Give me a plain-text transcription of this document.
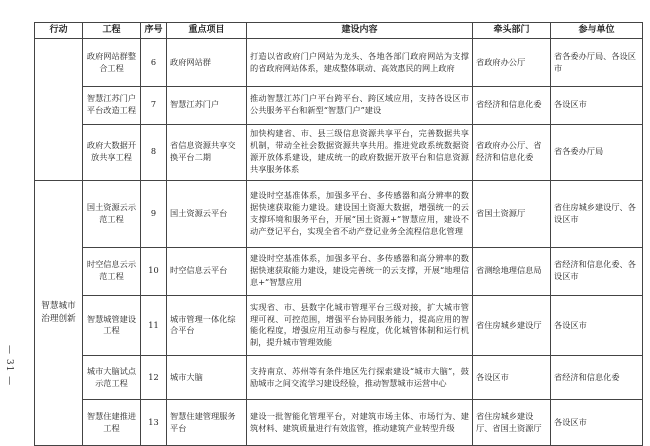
— 31 —
行动	工程	序号	重点项目	建设内容	牵头部门	参与单位
	政府网站群整合工程	6	政府网站群	打造以省政府门户网站为龙头、各地各部门政府网站为支撑的省政府网站体系，建成整体联动、高效惠民的网上政府	省政府办公厅	省各委办厅局、各设区市
	智慧江苏门户平台改造工程	7	智慧江苏门户	推动智慧江苏门户平台跨平台、跨区域应用，支持各设区市公共服务平台和新型“智慧门户”建设	省经济和信息化委	各设区市
	政府大数据开放共享工程	8	省信息资源共享交换平台二期	加快构建省、市、县三级信息资源共享平台，完善数据共享机制，带动全社会数据资源共享共用。推进党政系统数据资源开放体系建设，建成统一的政府数据开放平台和信息资源共享服务体系	省政府办公厅、省经济和信息化委	省各委办厅局
智慧城市治理创新	国土资源云示范工程	9	国土资源云平台	建设时空基准体系，加强多平台、多传感器和高分辨率的数据快速获取能力建设。建设国土资源大数据，增强统一的云支撑环境和服务平台，开展“国土资源+”智慧应用，建设不动产登记平台，实现全省不动产登记业务全流程信息化管理	省国土资源厅	省住房城乡建设厅、各设区市
	时空信息云示范工程	10	时空信息云平台	建设时空基准体系，加强多平台、多传感器和高分辨率的数据快速获取能力建设，建设完善统一的云支撑，开展“地理信息+”智慧应用	省测绘地理信息局	省经济和信息化委、各设区市
	智慧城管建设工程	11	城市管理一体化综合平台	实现省、市、县数字化城市管理平台三级对接，扩大城市管理可视、可控范围，增强平台协同服务能力，提高应用的智能化程度，增强应用互动参与程度，优化城管体制和运行机制，提升城市管理效能	省住房城乡建设厅	各设区市
	城市大脑试点示范工程	12	城市大脑	支持南京、苏州等有条件地区先行探索建设“城市大脑”，鼓励城市之间交流学习建设经验，推动智慧城市运营中心	各设区市	省经济和信息化委
	智慧住建推进工程	13	智慧住建管理服务平台	建设一批智能化管理平台，对建筑市场主体、市场行为、建筑材料、建筑质量进行有效监管，推动建筑产业转型升级	省住房城乡建设厅、省国土资源厅	各设区市
